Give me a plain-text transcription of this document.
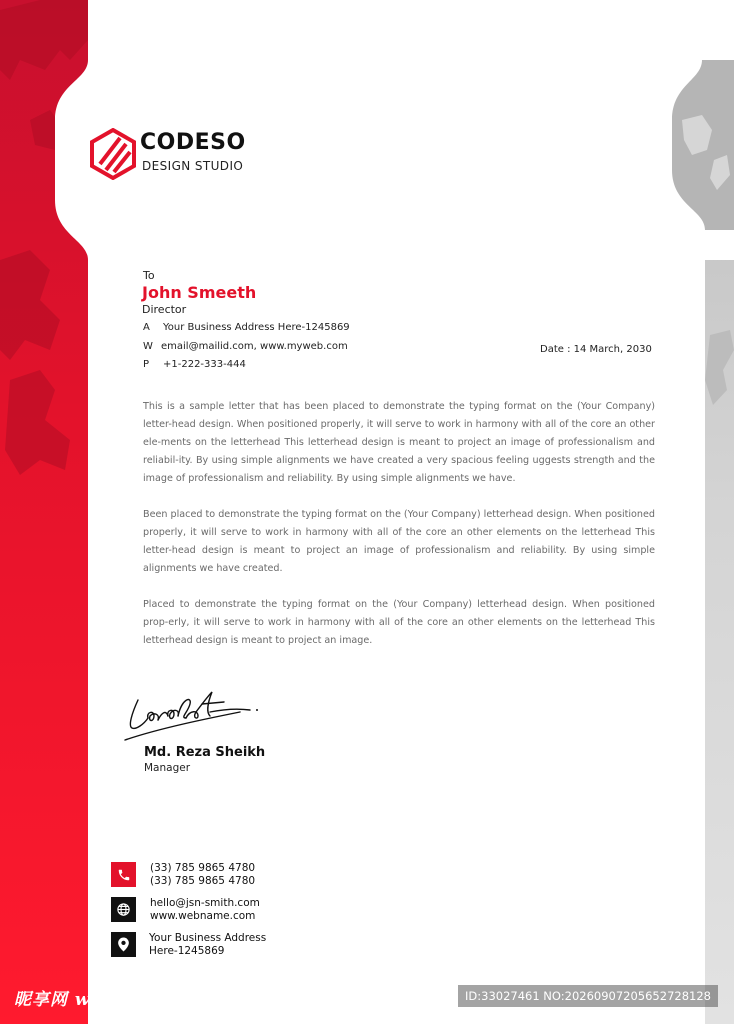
CODESO
DESIGN STUDIO
To
John Smeeth
Director
A Your Business Address Here-1245869
W email@mailid.com, www.myweb.com
P +1-222-333-444
Date : 14 March, 2030
This is a sample letter that has been placed to demonstrate the typing format on the (Your Company) letter-head design. When positioned properly, it will serve to work in harmony with all of the core an other ele-ments on the letterhead This letterhead design is meant to project an image of professionalism and reliabil-ity. By using simple alignments we have created a very spacious feeling uggests strength and the image of professionalism and reliability. By using simple alignments we have.
Been placed to demonstrate the typing format on the (Your Company) letterhead design. When positioned properly, it will serve to work in harmony with all of the core an other elements on the letterhead This letter-head design is meant to project an image of professionalism and reliability. By using simple alignments we have created.
Placed to demonstrate the typing format on the (Your Company) letterhead design. When positioned prop-erly, it will serve to work in harmony with all of the core an other elements on the letterhead This letterhead design is meant to project an image.
Md. Reza Sheikh
Manager
(33) 785 9865 4780
(33) 785 9865 4780
hello@jsn-smith.com
www.webname.com
Your Business Address
Here-1245869
昵享网 www.nipic.cn	ID:33027461 NO:20260907205652728128
